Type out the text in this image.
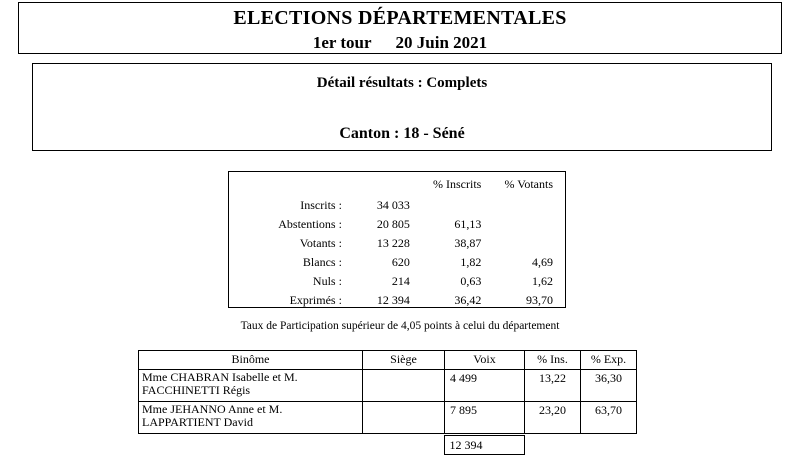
ELECTIONS DÉPARTEMENTALES
1er tour 20 Juin 2021
Détail résultats : Complets
Canton : 18 - Séné
		% Inscrits	% Votants
Inscrits :	34 033		
Abstentions :	20 805	61,13	
Votants :	13 228	38,87	
Blancs :	620	1,82	4,69
Nuls :	214	0,63	1,62
Exprimés :	12 394	36,42	93,70
Taux de Participation supérieur de 4,05 points à celui du département
Binôme	Siège	Voix	% Ins.	% Exp.
Mme CHABRAN Isabelle et M.
FACCHINETTI Régis		4 499	13,22	36,30
Mme JEHANNO Anne et M.
LAPPARTIENT David		7 895	23,20	63,70
		12 394		
